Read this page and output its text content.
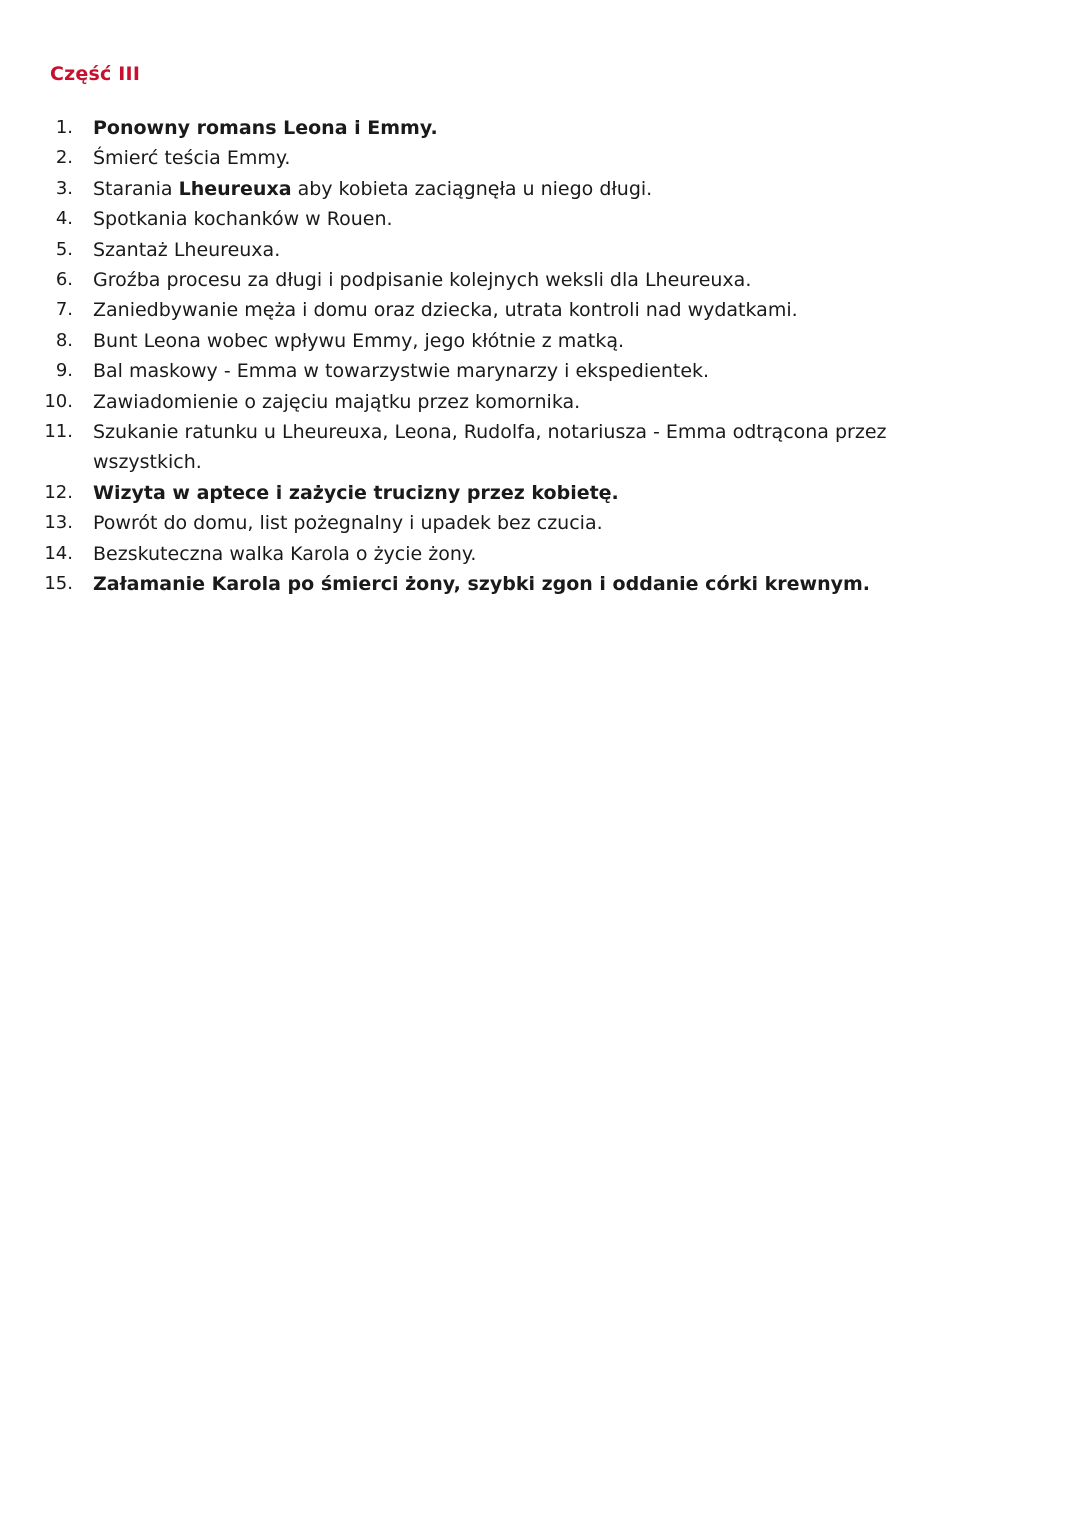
Część III
1 .	Ponowny romans Leona i Emmy.
2 .	Śmierć teścia Emmy.
3 .	Starania Lheureuxa aby kobieta zaciągnęła u niego długi.
4 .	Spotkania kochanków w Rouen.
5 .	Szantaż Lheureuxa.
6 .	Groźba procesu za długi i podpisanie kolejnych weksli dla Lheureuxa.
7 .	Zaniedbywanie męża i domu oraz dziecka, utrata kontroli nad wydatkami.
8 .	Bunt Leona wobec wpływu Emmy, jego kłótnie z matką.
9 .	Bal maskowy - Emma w towarzystwie marynarzy i ekspedientek.
10 .	Zawiadomienie o zajęciu majątku przez komornika.
11 .	Szukanie ratunku u Lheureuxa, Leona, Rudolfa, notariusza - Emma odtrącona przez wszystkich.
12 .	Wizyta w aptece i zażycie trucizny przez kobietę.
13 .	Powrót do domu, list pożegnalny i upadek bez czucia.
14 .	Bezskuteczna walka Karola o życie żony.
15 .	Załamanie Karola po śmierci żony, szybki zgon i oddanie córki krewnym.
